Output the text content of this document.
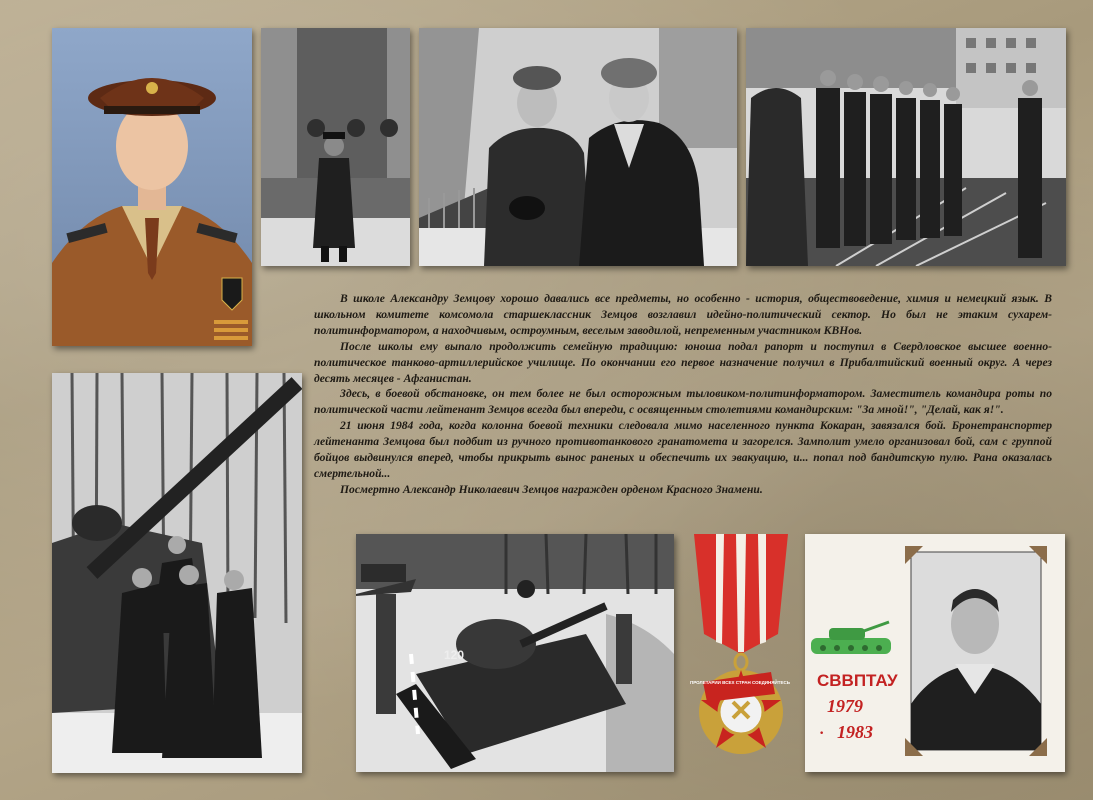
120
ПРОЛЕТАРИИ ВСЕХ СТРАН СОЕДИНЯЙТЕСЬ СВВПТАУ
1979
1983
·

В школе Александру Земцову хорошо давались все предметы, но особенно - история, обществоведение, химия и немецкий язык. В школьном комитете комсомола старшеклассник Земцов возглавил идейно-политический сектор. Но был не этаким сухарем-политинформатором, а находчивым, остроумным, веселым заводилой, непременным участником КВНов.

После школы ему выпало продолжить семейную традицию: юноша подал рапорт и поступил в Свердловское высшее военно-политическое танково-артиллерийское училище. По окончании его первое назначение получил в Прибалтийский военный округ. А через десять месяцев - Афганистан.

Здесь, в боевой обстановке, он тем более не был осторожным тыловиком-политинформатором. Заместитель командира роты по политической части лейтенант Земцов всегда был впереди, с освященным столетиями командирским: "За мной!", "Делай, как я!".

21 июня 1984 года, когда колонна боевой техники следовала мимо населенного пункта Кокаран, завязался бой. Бронетранспортер лейтенанта Земцова был подбит из ручного противотанкового гранатомета и загорелся. Замполит умело организовал бой, сам с группой бойцов выдвинулся вперед, чтобы прикрыть вынос раненых и обеспечить их эвакуацию, и... попал под бандитскую пулю. Рана оказалась смертельной...

Посмертно Александр Николаевич Земцов награжден орденом Красного Знамени.
